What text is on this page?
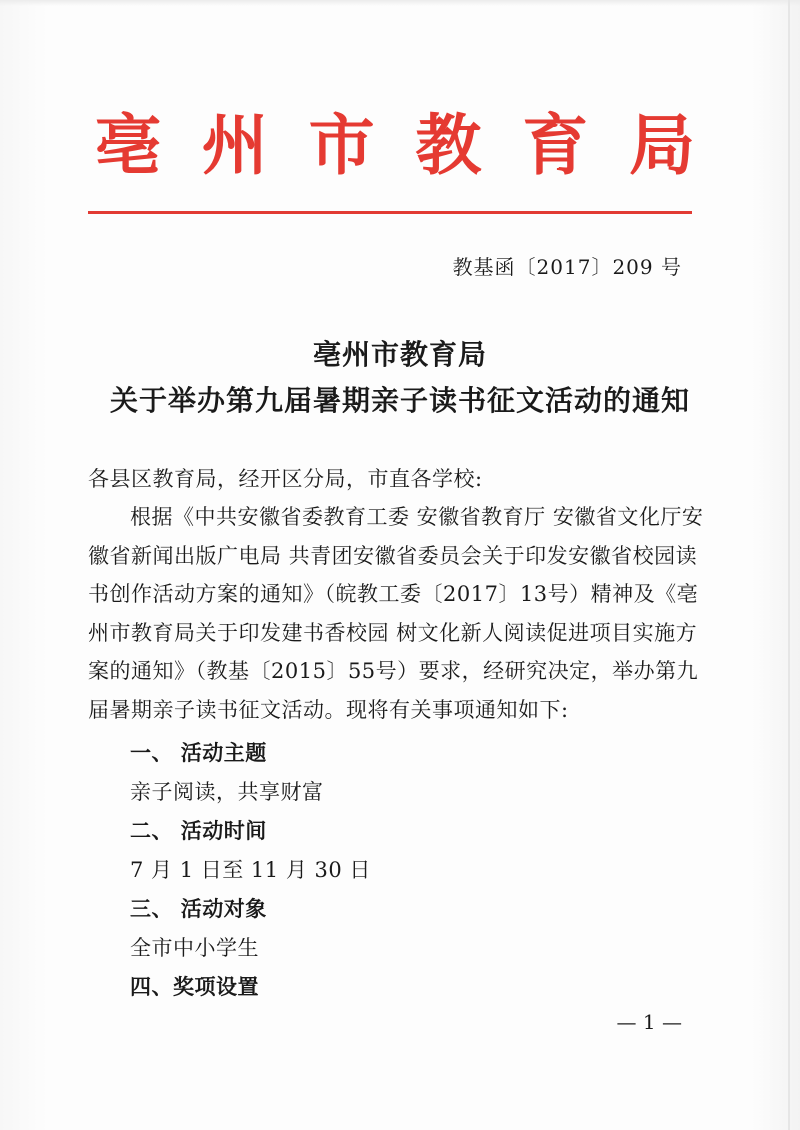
亳 州 市 教 育 局
教基函〔2017〕209 号
亳州市教育局
关于举办第九届暑期亲子读书征文活动的通知

各县区教育局，经开区分局，市直各学校:

根据《中共安徽省委教育工委 安徽省教育厅 安徽省文化厅安徽省新闻出版广电局 共青团安徽省委员会关于印发安徽省校园读书创作活动方案的通知》（皖教工委〔2017〕13号）精神及《亳州市教育局关于印发建书香校园 树文化新人阅读促进项目实施方案的通知》（教基〔2015〕55号）要求，经研究决定，举办第九届暑期亲子读书征文活动。现将有关事项通知如下:

一、 活动主题
亲子阅读，共享财富
二、 活动时间
7 月 1 日至 11 月 30 日
三、 活动对象
全市中小学生
四、奖项设置
— 1 —
